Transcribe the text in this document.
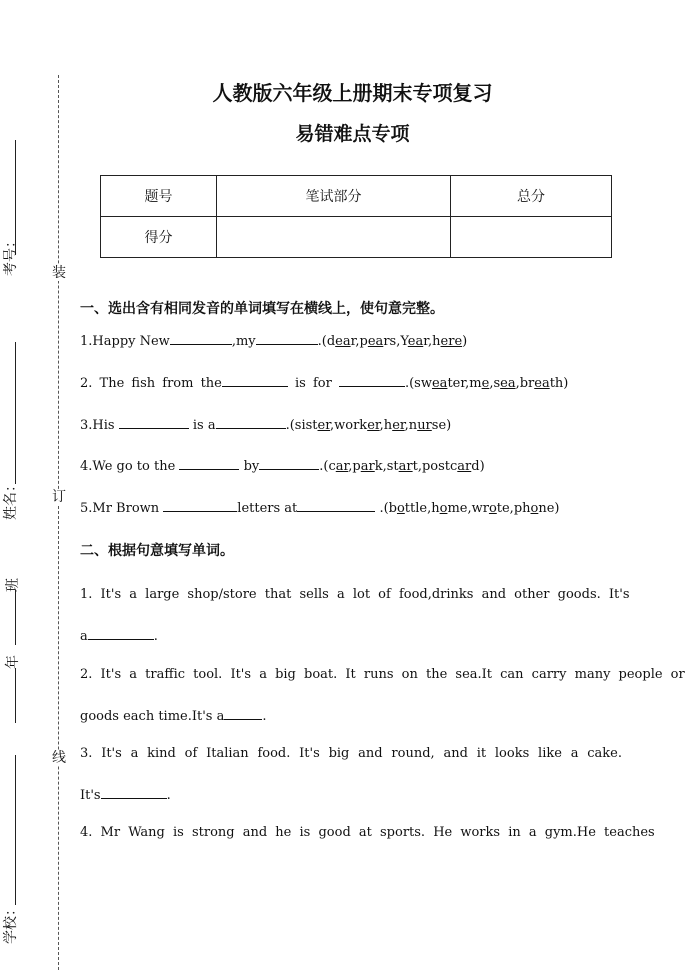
考号：
姓名：
班
年
学校：
装
订
线
人教版六年级上册期末专项复习
易错难点专项
题号	笔试部分	总分
得分		
一、选出含有相同发音的单词填写在横线上，使句意完整。
1.Happy New	,my	.(dear,pears,Year,here)
2. The fish from the	is for	.(sweater,me,sea,breath)
3.His	is a	.(sister,worker,her,nurse)
4.We go to the	by	.(car,park,start,postcard)
5.Mr Brown	letters at	.(bottle,home,wrote,phone)
二、根据句意填写单词。
1. It's a large shop/store that sells a lot of food,drinks and other goods. It's
a	.
2. It's a traffic tool. It's a big boat. It runs on the sea.It can carry many people or
goods each time.It's a	.
3. It's a kind of Italian food. It's big and round, and it looks like a cake.
It's	.
4. Mr Wang is strong and he is good at sports. He works in a gym.He teaches
